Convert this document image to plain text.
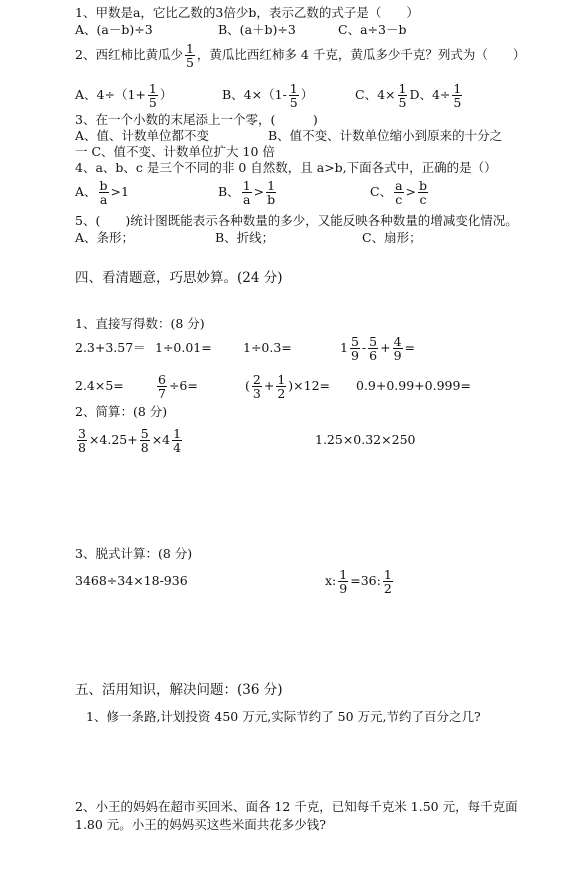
1、甲数是a，它比乙数的3倍少b，表示乙数的式子是（　　）
A、(a－b)÷3	B、(a＋b)÷3	C、a÷3－b
2、西红柿比黄瓜少 $\frac{1}{5}$ ，黄瓜比西红柿多 4 千克，黄瓜多少千克？列式为（　　）
A、$4\div(1+ \frac{1}{5}$ ）	B、$4\times(1- \frac{1}{5}$ ）	C、$4\times \frac{1}{5}$ D、$4\div \frac{1}{5}$
3、在一个小数的末尾添上一个零，(　　　)
A、值、计数单位都不变	B、值不变、计数单位缩小到原来的十分之
一 C、值不变、计数单位扩大 10 倍
4、a、b、c 是三个不同的非 0 自然数，且 a>b,下面各式中，正确的是（）
A、 $\frac{b}{a} >1$	B、 $\frac{1}{a} > \frac{1}{b}$	C、 $\frac{a}{c} > \frac{b}{c}$
5、(　　)统计图既能表示各种数量的多少，又能反映各种数量的增减变化情况。
A、条形；	B、折线；	C、扇形；
四、看清题意，巧思妙算。(24 分)
1、直接写得数：(8 分)
2.3+3.57＝ 1÷0.01=	1÷0.3=	$1 \frac{5}{9} - \frac{5}{6} + \frac{4}{9}$ =
2.4×5=	$\frac{6}{7} \div 6=$	( $\frac{2}{3} + \frac{1}{2} )\times 12= 0.9+0.99+0.999=$
2、简算：(8 分)
$\frac{3}{8} \times 4.25+ \frac{5}{8} \times 4 \frac{1}{4}$	1.25×0.32×250
3、脱式计算：(8 分)
3468÷34×18-936	x: $\frac{1}{9} =36$: $\frac{1}{2}$
五、活用知识，解决问题：(36 分)
1、修一条路,计划投资 450 万元,实际节约了 50 万元,节约了百分之几?
2、小王的妈妈在超市买回米、面各 12 千克，已知每千克米 1.50 元，每千克面
1.80 元。小王的妈妈买这些米面共花多少钱?
